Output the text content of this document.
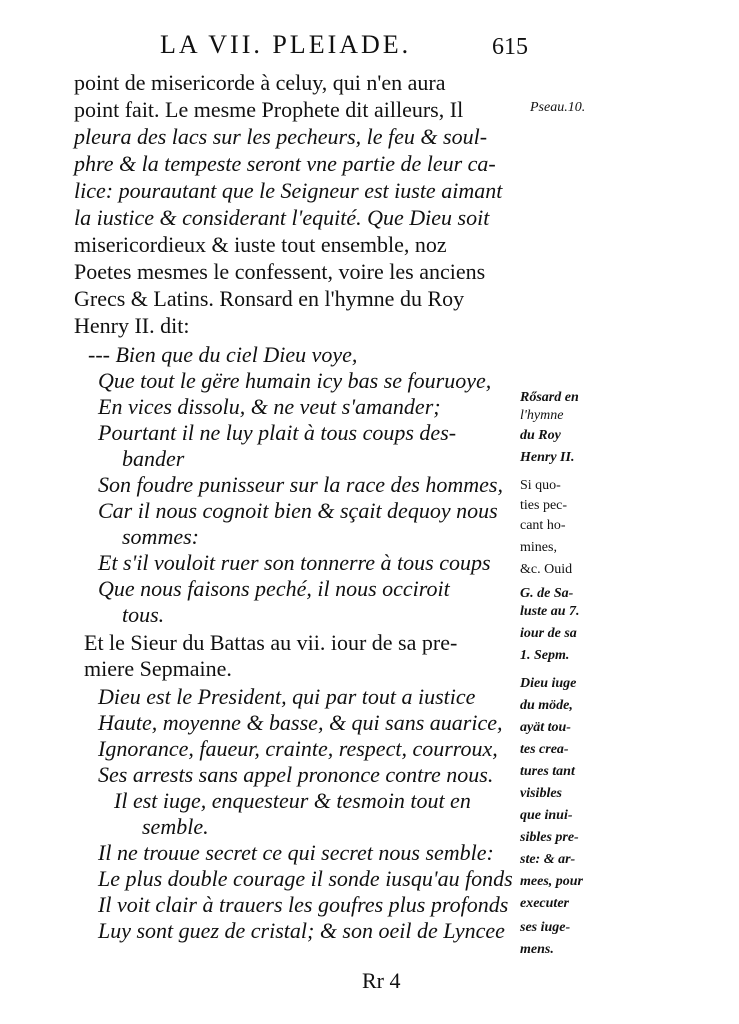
LA VII. PLEIADE.	615
point de misericorde à celuy, qui n'en aura
point fait. Le mesme Prophete dit ailleurs, Il
pleura des lacs sur les pecheurs, le feu & soul-
phre & la tempeste seront vne partie de leur ca-
lice: pourautant que le Seigneur est iuste aimant
la iustice & considerant l'equité. Que Dieu soit
misericordieux & iuste tout ensemble, noz
Poetes mesmes le confessent, voire les anciens
Grecs & Latins. Ronsard en l'hymne du Roy
Henry II. dit:
--- Bien que du ciel Dieu voye,
Que tout le gëre humain icy bas se fouruoye,
En vices dissolu, & ne veut s'amander;
Pourtant il ne luy plait à tous coups des-
bander
Son foudre punisseur sur la race des hommes,
Car il nous cognoit bien & sçait dequoy nous
sommes:
Et s'il vouloit ruer son tonnerre à tous coups
Que nous faisons peché, il nous occiroit
tous.
Et le Sieur du Battas au vii. iour de sa pre-
miere Sepmaine.
Dieu est le President, qui par tout a iustice
Haute, moyenne & basse, & qui sans auarice,
Ignorance, faueur, crainte, respect, courroux,
Ses arrests sans appel prononce contre nous.
Il est iuge, enquesteur & tesmoin tout en
semble.
Il ne trouue secret ce qui secret nous semble:
Le plus double courage il sonde iusqu'au fonds
Il voit clair à trauers les goufres plus profonds
Luy sont guez de cristal; & son oeil de Lyncee
Pseau.10.
Rősard en
l'hymne
du Roy
Henry II.
Si quo-
ties pec-
cant ho-
mines,
&c. Ouid
G. de Sa-
luste au 7.
iour de sa
1. Sepm.
Dieu iuge
du möde,
ayät tou-
tes crea-
tures tant
visibles
que inui-
sibles pre-
ste: & ar-
mees, pour
executer
ses iuge-
mens.
Rr 4
